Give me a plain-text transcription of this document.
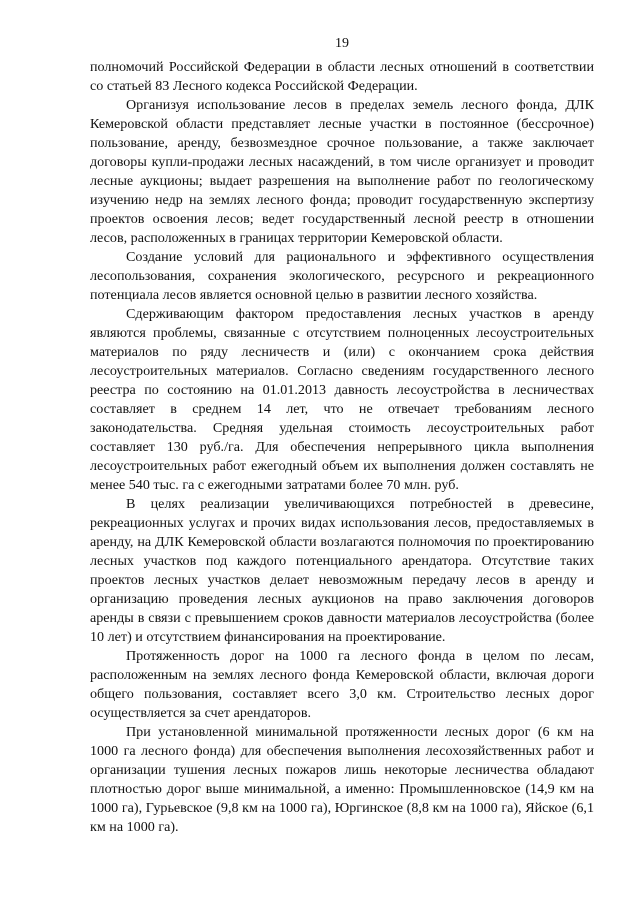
19

полномочий Российской Федерации в области лесных отношений в соответствии со статьей 83 Лесного кодекса Российской Федерации.

Организуя использование лесов в пределах земель лесного фонда, ДЛК Кемеровской области представляет лесные участки в постоянное (бессрочное) пользование, аренду, безвозмездное срочное пользование, а также заключает договоры купли-продажи лесных насаждений, в том числе организует и проводит лесные аукционы; выдает разрешения на выполнение работ по геологическому изучению недр на землях лесного фонда; проводит государственную экспертизу проектов освоения лесов; ведет государственный лесной реестр в отношении лесов, расположенных в границах территории Кемеровской области.

Создание условий для рационального и эффективного осуществления лесопользования, сохранения экологического, ресурсного и рекреационного потенциала лесов является основной целью в развитии лесного хозяйства.

Сдерживающим фактором предоставления лесных участков в аренду являются проблемы, связанные с отсутствием полноценных лесоустроительных материалов по ряду лесничеств и (или) с окончанием срока действия лесоустроительных материалов. Согласно сведениям государственного лесного реестра по состоянию на 01.01.2013 давность лесоустройства в лесничествах составляет в среднем 14 лет, что не отвечает требованиям лесного законодательства. Средняя удельная стоимость лесоустроительных работ составляет 130 руб./га. Для обеспечения непрерывного цикла выполнения лесоустроительных работ ежегодный объем их выполнения должен составлять не менее 540 тыс. га с ежегодными затратами более 70 млн. руб.

В целях реализации увеличивающихся потребностей в древесине, рекреационных услугах и прочих видах использования лесов, предоставляемых в аренду, на ДЛК Кемеровской области возлагаются полномочия по проектированию лесных участков под каждого потенциального арендатора. Отсутствие таких проектов лесных участков делает невозможным передачу лесов в аренду и организацию проведения лесных аукционов на право заключения договоров аренды в связи с превышением сроков давности материалов лесоустройства (более 10 лет) и отсутствием финансирования на проектирование.

Протяженность дорог на 1000 га лесного фонда в целом по лесам, расположенным на землях лесного фонда Кемеровской области, включая дороги общего пользования, составляет всего 3,0 км. Строительство лесных дорог осуществляется за счет арендаторов.

При установленной минимальной протяженности лесных дорог (6 км на 1000 га лесного фонда) для обеспечения выполнения лесохозяйственных работ и организации тушения лесных пожаров лишь некоторые лесничества обладают плотностью дорог выше минимальной, а именно: Промышленновское (14,9 км на 1000 га), Гурьевское (9,8 км на 1000 га), Юргинское (8,8 км на 1000 га), Яйское (6,1 км на 1000 га).
